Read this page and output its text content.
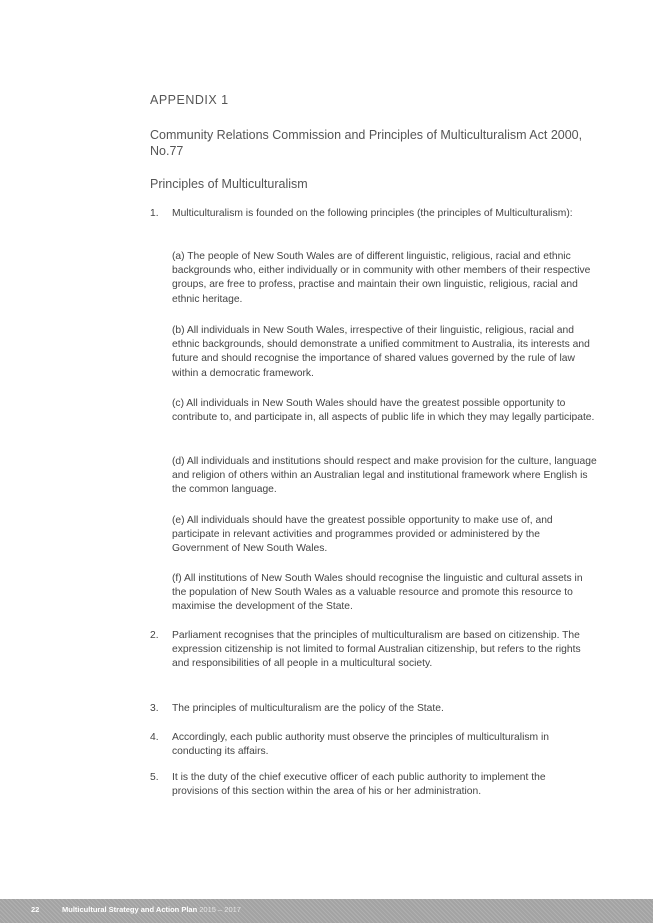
APPENDIX 1
Community Relations Commission and Principles of Multiculturalism Act 2000, No.77
Principles of Multiculturalism
1. Multiculturalism is founded on the following principles (the principles of Multiculturalism):
(a) The people of New South Wales are of different linguistic, religious, racial and ethnic backgrounds who, either individually or in community with other members of their respective groups, are free to profess, practise and maintain their own linguistic, religious, racial and ethnic heritage.
(b) All individuals in New South Wales, irrespective of their linguistic, religious, racial and ethnic backgrounds, should demonstrate a unified commitment to Australia, its interests and future and should recognise the importance of shared values governed by the rule of law within a democratic framework.
(c) All individuals in New South Wales should have the greatest possible opportunity to contribute to, and participate in, all aspects of public life in which they may legally participate.
(d) All individuals and institutions should respect and make provision for the culture, language and religion of others within an Australian legal and institutional framework where English is the common language.
(e) All individuals should have the greatest possible opportunity to make use of, and participate in relevant activities and programmes provided or administered by the Government of New South Wales.
(f) All institutions of New South Wales should recognise the linguistic and cultural assets in the population of New South Wales as a valuable resource and promote this resource to maximise the development of the State.
2. Parliament recognises that the principles of multiculturalism are based on citizenship. The expression citizenship is not limited to formal Australian citizenship, but refers to the rights and responsibilities of all people in a multicultural society.
3. The principles of multiculturalism are the policy of the State.
4. Accordingly, each public authority must observe the principles of multiculturalism in conducting its affairs.
5. It is the duty of the chief executive officer of each public authority to implement the provisions of this section within the area of his or her administration.
22	Multicultural Strategy and Action Plan 2015 – 2017
